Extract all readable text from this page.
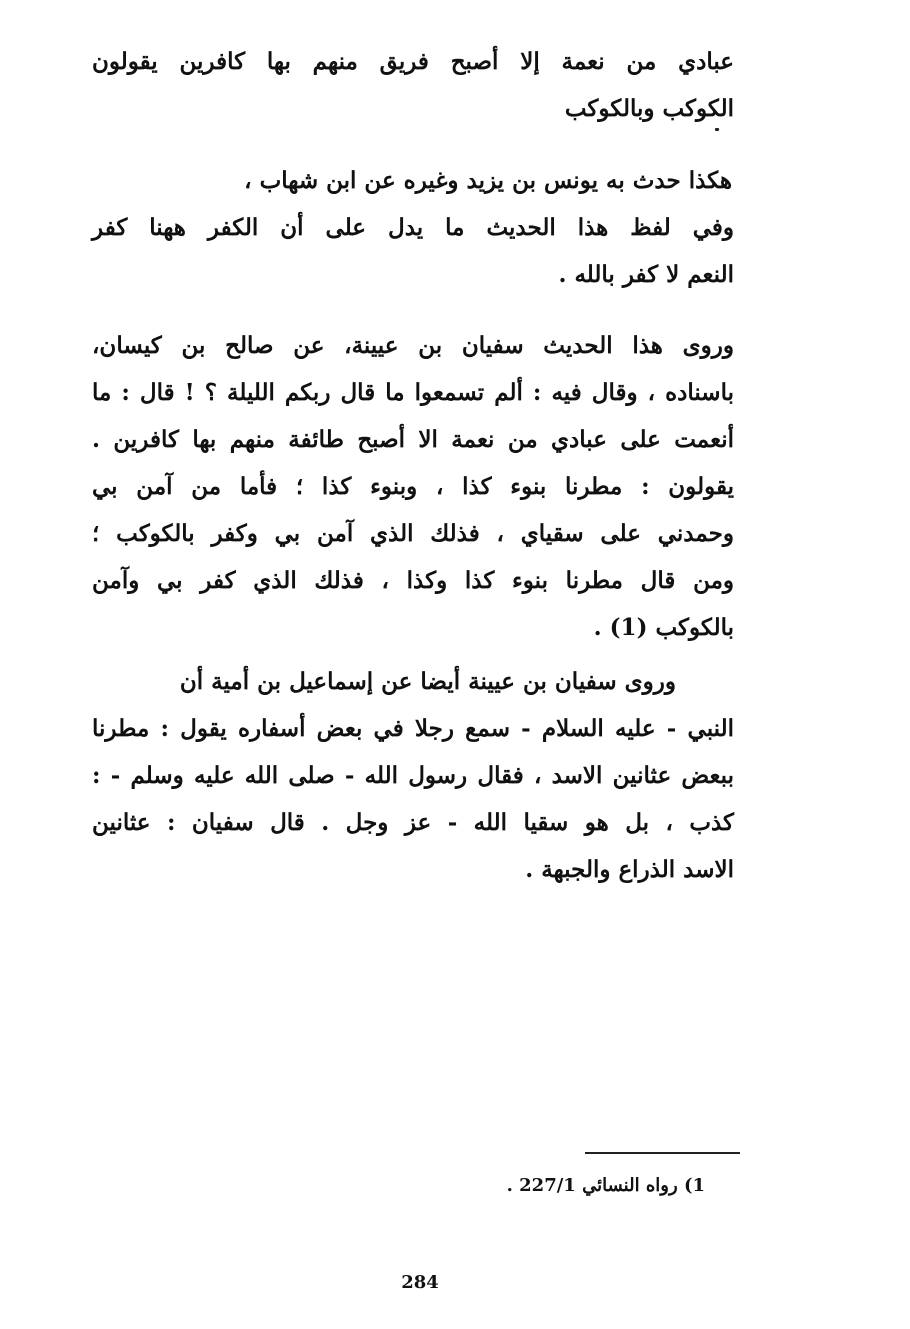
عبادي من نعمة إلا أصبح فريق منهم بها كافرين يقولون
الكوكب وبالكوكب
هكذا حدث به يونس بن يزيد وغيره عن ابن شهاب ،
وفي لفظ هذا الحديث ما يدل على أن الكفر ههنا كفر
النعم لا كفر بالله .
وروى هذا الحديث سفيان بن عيينة، عن صالح بن كيسان،
باسناده ، وقال فيه : ألم تسمعوا ما قال ربكم الليلة ؟ ! قال : ما
أنعمت على عبادي من نعمة الا أصبح طائفة منهم بها كافرين .
يقولون : مطرنا بنوء كذا ، وبنوء كذا ؛ فأما من آمن بي
وحمدني على سقياي ، فذلك الذي آمن بي وكفر بالكوكب ؛
ومن قال مطرنا بنوء كذا وكذا ، فذلك الذي كفر بي وآمن
بالكوكب (1) .
وروى سفيان بن عيينة أيضا عن إسماعيل بن أمية أن
النبي - عليه السلام - سمع رجلا في بعض أسفاره يقول : مطرنا
ببعض عثانين الاسد ، فقال رسول الله - صلى الله عليه وسلم - :
كذب ، بل هو سقيا الله - عز وجل . قال سفيان : عثانين
الاسد الذراع والجبهة .
1) رواه النسائي 227/1 .
284
